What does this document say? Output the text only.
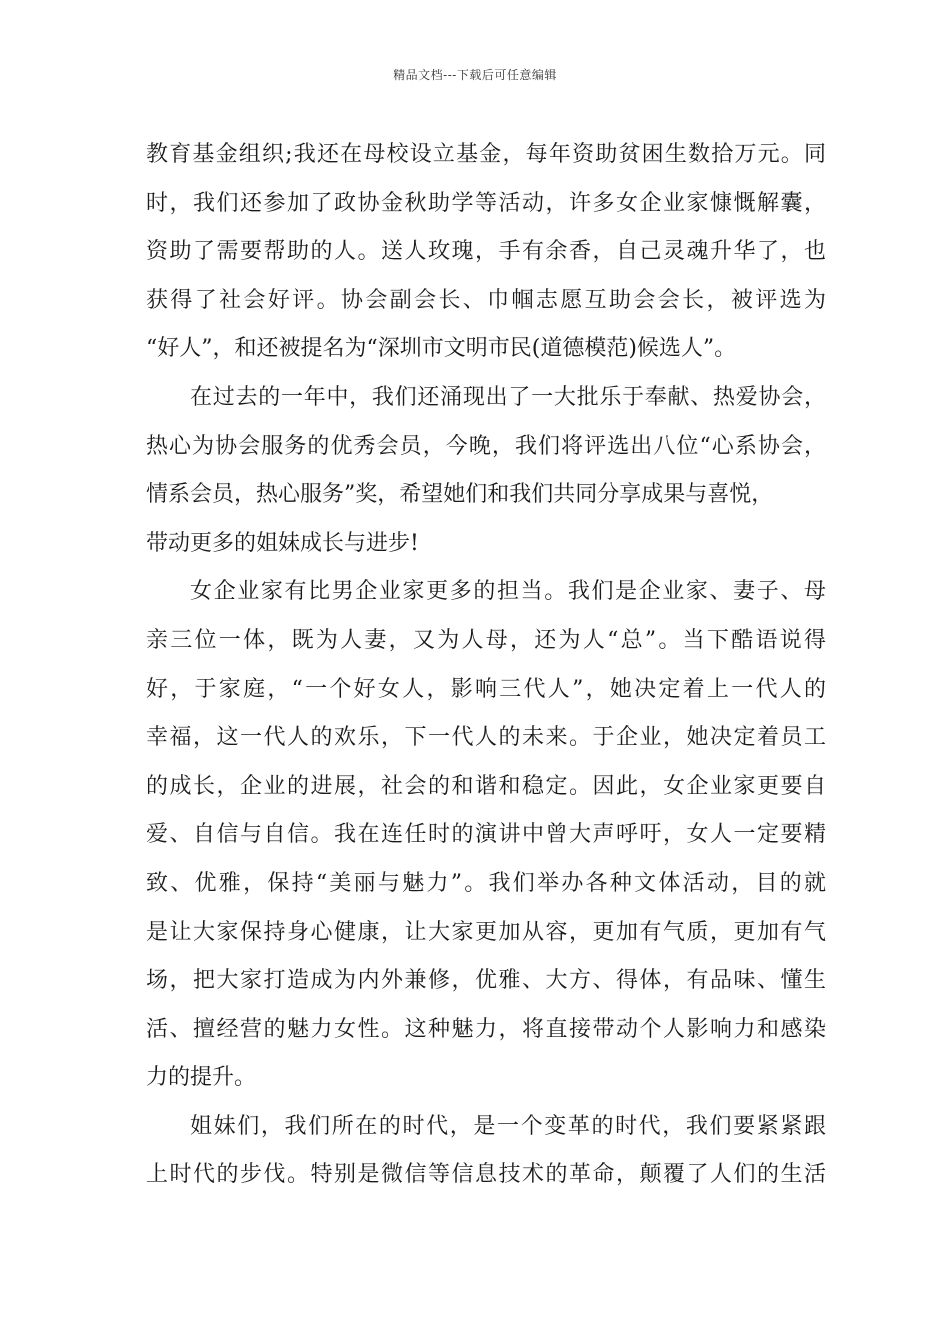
精品文档---下载后可任意编辑
教育基金组织;我还在母校设立基金，每年资助贫困生数拾万元。同
时，我们还参加了政协金秋助学等活动，许多女企业家慷慨解囊，
资助了需要帮助的人。送人玫瑰，手有余香，自己灵魂升华了，也
获得了社会好评。协会副会长、巾帼志愿互助会会长，被评选为
“好人”，和还被提名为“深圳市文明市民(道德模范)候选人”。
在过去的一年中，我们还涌现出了一大批乐于奉献、热爱协会，
热心为协会服务的优秀会员，今晚，我们将评选出八位“心系协会，
情系会员，热心服务”奖，希望她们和我们共同分享成果与喜悦，
带动更多的姐妹成长与进步!
女企业家有比男企业家更多的担当。我们是企业家、妻子、母
亲三位一体，既为人妻，又为人母，还为人“总”。当下酷语说得
好，于家庭，“一个好女人，影响三代人”，她决定着上一代人的
幸福，这一代人的欢乐，下一代人的未来。于企业，她决定着员工
的成长，企业的进展，社会的和谐和稳定。因此，女企业家更要自
爱、自信与自信。我在连任时的演讲中曾大声呼吁，女人一定要精
致、优雅，保持“美丽与魅力”。我们举办各种文体活动，目的就
是让大家保持身心健康，让大家更加从容，更加有气质，更加有气
场，把大家打造成为内外兼修，优雅、大方、得体，有品味、懂生
活、擅经营的魅力女性。这种魅力，将直接带动个人影响力和感染
力的提升。
姐妹们，我们所在的时代，是一个变革的时代，我们要紧紧跟
上时代的步伐。特别是微信等信息技术的革命，颠覆了人们的生活
